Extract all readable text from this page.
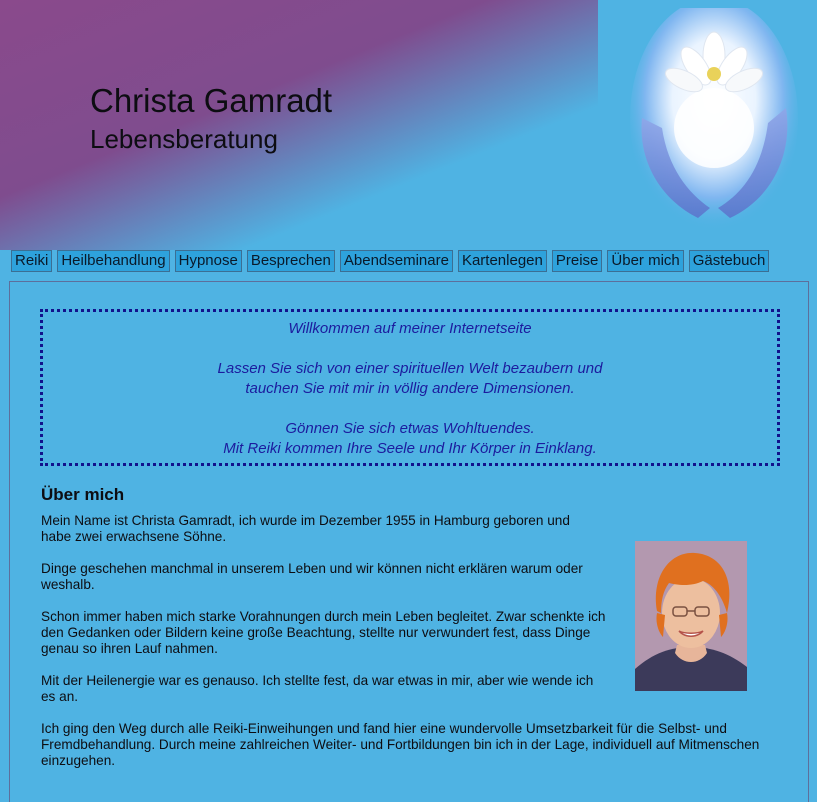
Christa Gamradt
Lebensberatung
Reiki Heilbehandlung Hypnose Besprechen Abendseminare Kartenlegen Preise Über mich Gästebuch

Willkommen auf meiner Internetseite

Lassen Sie sich von einer spirituellen Welt bezaubern und

tauchen Sie mit mir in völlig andere Dimensionen.

Gönnen Sie sich etwas Wohltuendes.

Mit Reiki kommen Ihre Seele und Ihr Körper in Einklang.

Über mich

Mein Name ist Christa Gamradt, ich wurde im Dezember 1955 in Hamburg geboren und habe zwei erwachsene Söhne.

Dinge geschehen manchmal in unserem Leben und wir können nicht erklären warum oder weshalb.

Schon immer haben mich starke Vorahnungen durch mein Leben begleitet. Zwar schenkte ich den Gedanken oder Bildern keine große Beachtung, stellte nur verwundert fest, dass Dinge genau so ihren Lauf nahmen.

Mit der Heilenergie war es genauso. Ich stellte fest, da war etwas in mir, aber wie wende ich es an.

Ich ging den Weg durch alle Reiki-Einweihungen und fand hier eine wundervolle Umsetzbarkeit für die Selbst- und Fremdbehandlung. Durch meine zahlreichen Weiter- und Fortbildungen bin ich in der Lage, individuell auf Mitmenschen einzugehen.
